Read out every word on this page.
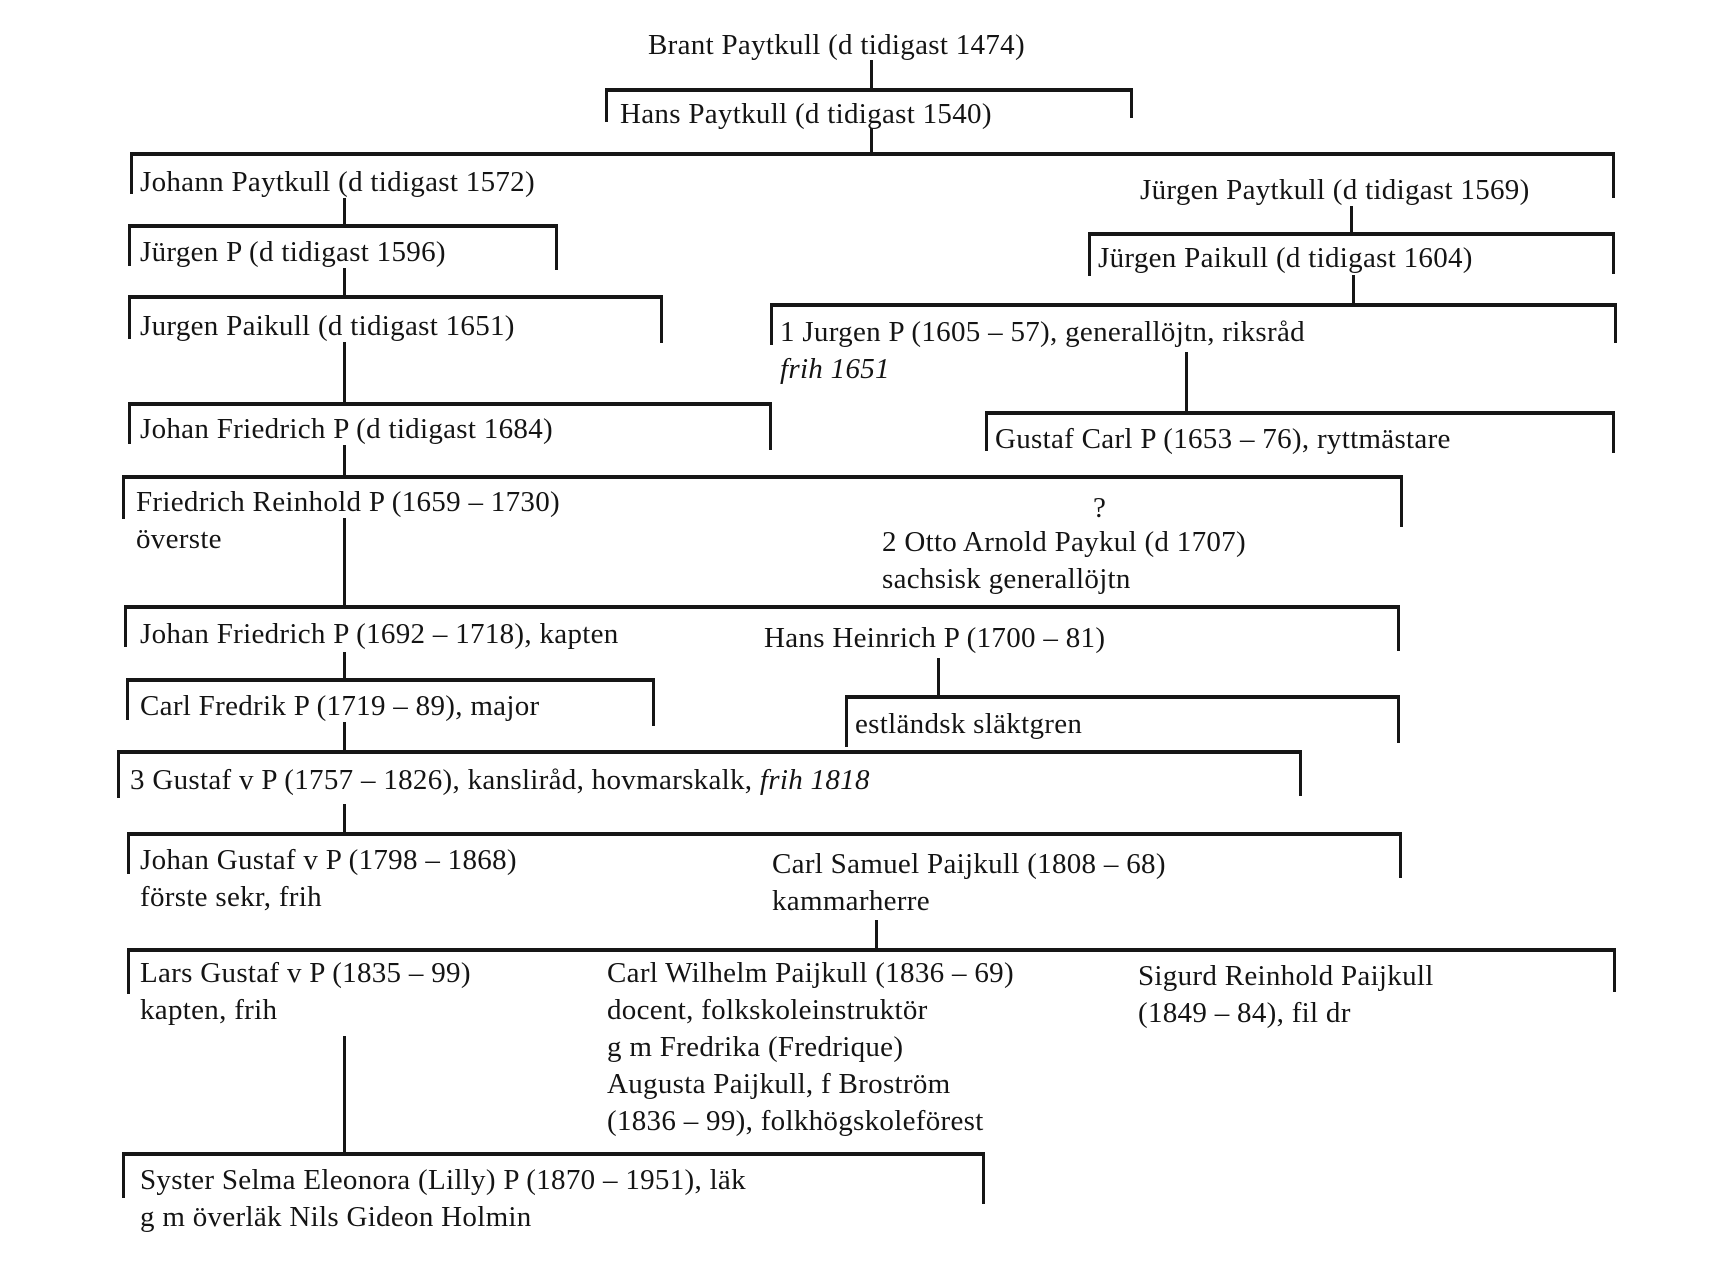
Brant Paytkull (d tidigast 1474)
Hans Paytkull (d tidigast 1540)
Johann Paytkull (d tidigast 1572)	Jürgen Paytkull (d tidigast 1569)
Jürgen P (d tidigast 1596)	Jürgen Paikull (d tidigast 1604)
Jurgen Paikull (d tidigast 1651)	1 Jurgen P (1605 – 57), generallöjtn, riksråd
frih 1651
Johan Friedrich P (d tidigast 1684)	Gustaf Carl P (1653 – 76), ryttmästare
Friedrich Reinhold P (1659 – 1730)
överste
?
2 Otto Arnold Paykul (d 1707)
sachsisk generallöjtn
Johan Friedrich P (1692 – 1718), kapten	Hans Heinrich P (1700 – 81)
Carl Fredrik P (1719 – 89), major
estländsk släktgren
3 Gustaf v P (1757 – 1826), kansliråd, hovmarskalk, frih 1818
Johan Gustaf v P (1798 – 1868)
förste sekr, frih
Carl Samuel Paijkull (1808 – 68)
kammarherre
Lars Gustaf v P (1835 – 99)
kapten, frih
Carl Wilhelm Paijkull (1836 – 69)
docent, folkskoleinstruktör
g m Fredrika (Fredrique)
Augusta Paijkull, f Broström
(1836 – 99), folkhögskoleförest
Sigurd Reinhold Paijkull
(1849 – 84), fil dr
Syster Selma Eleonora (Lilly) P (1870 – 1951), läk
g m överläk Nils Gideon Holmin
